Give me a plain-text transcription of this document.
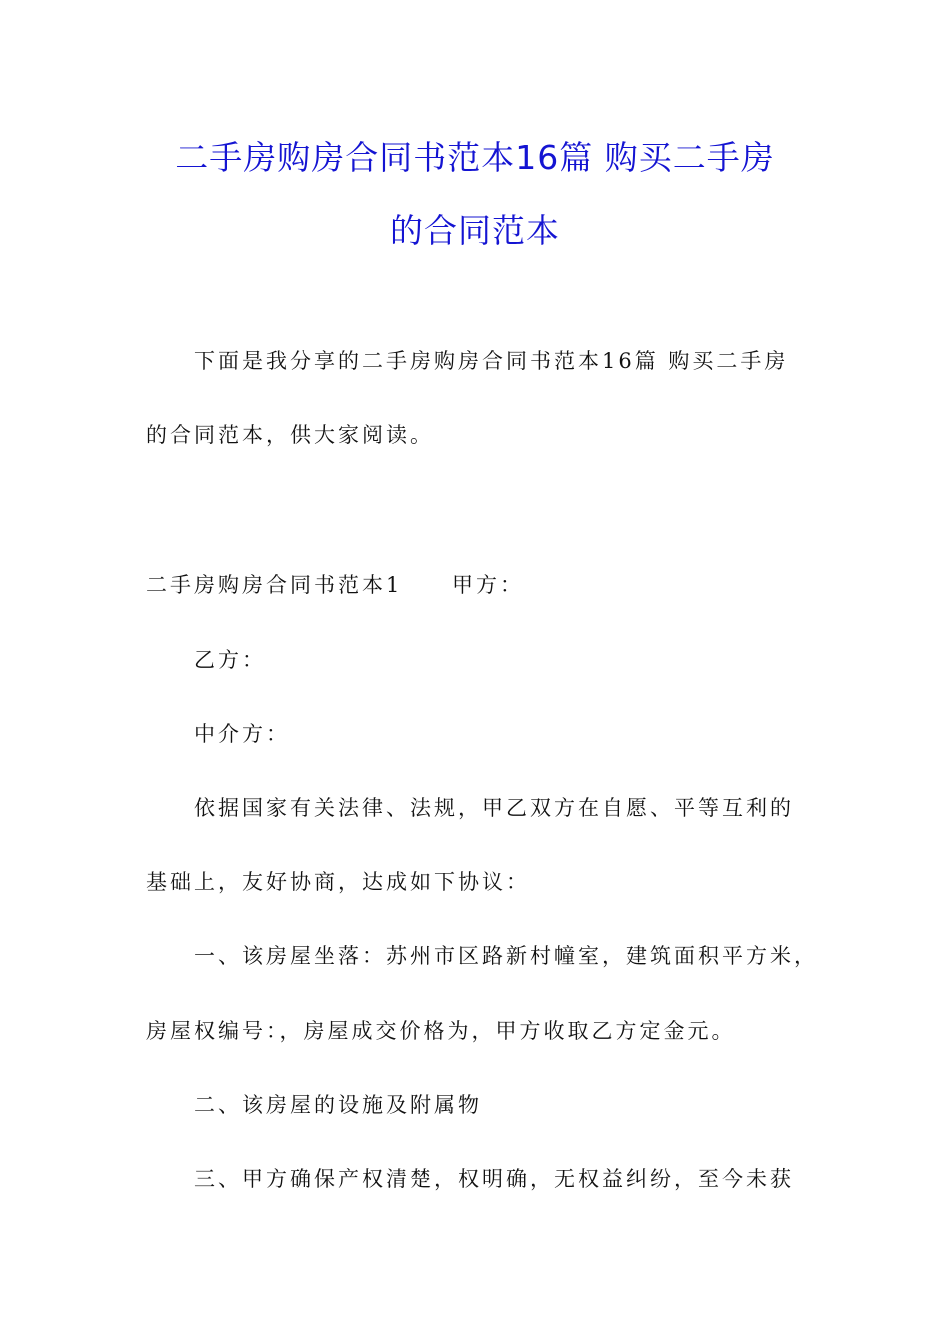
二手房购房合同书范本16篇 购买二手房
的合同范本
下面是我分享的二手房购房合同书范本16篇 购买二手房
的合同范本，供大家阅读。
二手房购房合同书范本1 甲方：
乙方：
中介方：
依据国家有关法律、法规，甲乙双方在自愿、平等互利的
基础上，友好协商，达成如下协议：
一、该房屋坐落：苏州市区路新村幢室，建筑面积平方米，
房屋权编号：，房屋成交价格为，甲方收取乙方定金元。
二、该房屋的设施及附属物
三、甲方确保产权清楚，权明确，无权益纠纷，至今未获
